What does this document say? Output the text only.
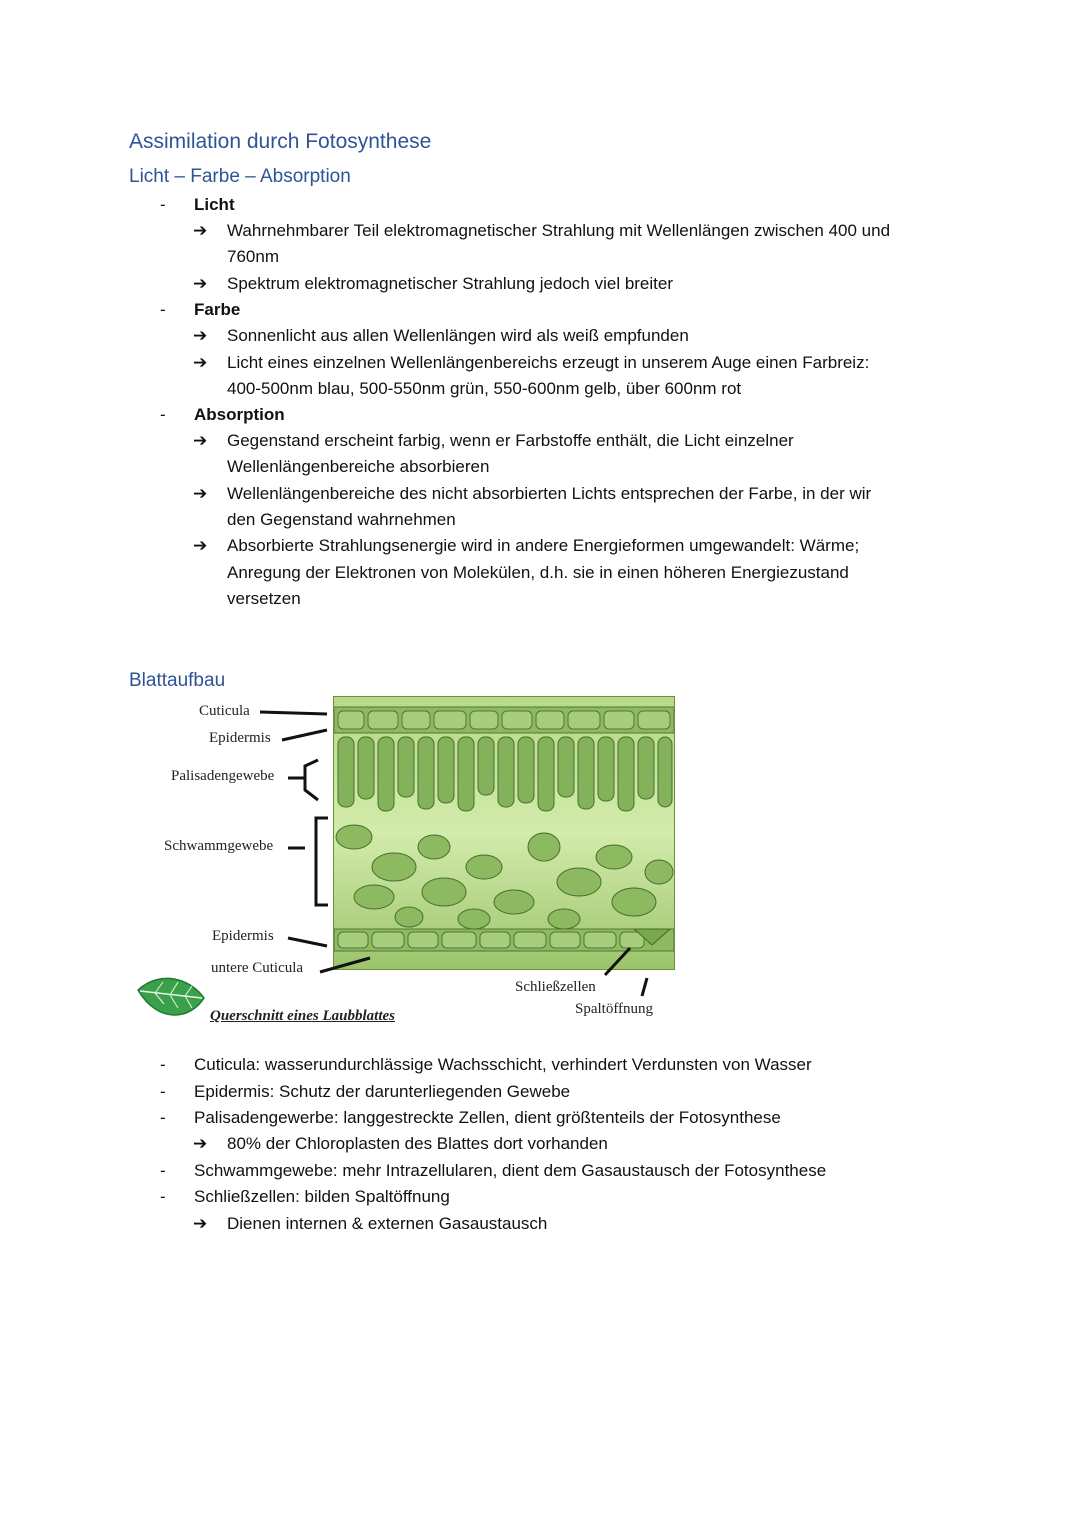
Assimilation durch Fotosynthese
Licht – Farbe – Absorption
-	Licht
➔ Wahrnehmbarer Teil elektromagnetischer Strahlung mit Wellenlängen zwischen 400 und
760nm
➔ Spektrum elektromagnetischer Strahlung jedoch viel breiter
-	Farbe
➔ Sonnenlicht aus allen Wellenlängen wird als weiß empfunden
➔ Licht eines einzelnen Wellenlängenbereichs erzeugt in unserem Auge einen Farbreiz:
400-500nm blau, 500-550nm grün, 550-600nm gelb, über 600nm rot
-	Absorption
➔ Gegenstand erscheint farbig, wenn er Farbstoffe enthält, die Licht einzelner
Wellenlängenbereiche absorbieren
➔ Wellenlängenbereiche des nicht absorbierten Lichts entsprechen der Farbe, in der wir
den Gegenstand wahrnehmen
➔ Absorbierte Strahlungsenergie wird in andere Energieformen umgewandelt: Wärme;
Anregung der Elektronen von Molekülen, d.h. sie in einen höheren Energiezustand
versetzen
Blattaufbau
Cuticula
Epidermis
Palisadengewebe
Schwammgewebe
Epidermis
untere Cuticula
Schließzellen
Spaltöffnung
Querschnitt eines Laubblattes
-	Cuticula: wasserundurchlässige Wachsschicht, verhindert Verdunsten von Wasser
-	Epidermis: Schutz der darunterliegenden Gewebe
-	Palisadengewerbe: langgestreckte Zellen, dient größtenteils der Fotosynthese
➔ 80% der Chloroplasten des Blattes dort vorhanden
-	Schwammgewebe: mehr Intrazellularen, dient dem Gasaustausch der Fotosynthese
-	Schließzellen: bilden Spaltöffnung
➔ Dienen internen & externen Gasaustausch
